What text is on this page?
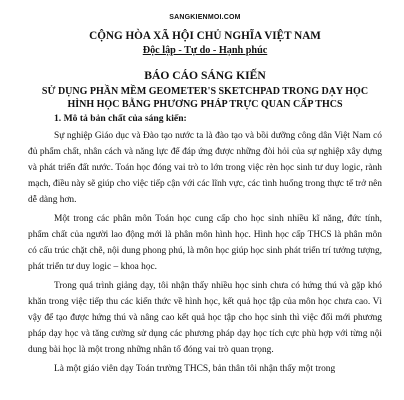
SANGKIENMOI.COM

CỘNG HÒA XÃ HỘI CHỦ NGHĨA VIỆT NAM

Độc lập - Tự do - Hạnh phúc

BÁO CÁO SÁNG KIẾN

SỬ DỤNG PHẦN MỀM GEOMETER'S SKETCHPAD TRONG DẠY HỌC

HÌNH HỌC BẰNG PHƯƠNG PHÁP TRỰC QUAN CẤP THCS

1. Mô tả bản chất của sáng kiến:

Sự nghiệp Giáo dục và Đào tạo nước ta là đào tạo và bồi dưỡng công dân Việt Nam có đủ phẩm chất, nhân cách và năng lực để đáp ứng được những đòi hỏi của sự nghiệp xây dựng và phát triển đất nước. Toán học đóng vai trò to lớn trong việc rèn học sinh tư duy logic, rành mạch, điều này sẽ giúp cho việc tiếp cận với các lĩnh vực, các tình huống trong thực tế trở nên dễ dàng hơn.

Một trong các phân môn Toán học cung cấp cho học sinh nhiều kĩ năng, đức tính, phẩm chất của người lao động mới là phân môn hình học. Hình học cấp THCS là phân môn có cấu trúc chặt chẽ, nội dung phong phú, là môn học giúp học sinh phát triển trí tưởng tượng, phát triển tư duy logic – khoa học.

Trong quá trình giảng dạy, tôi nhận thấy nhiều học sinh chưa có hứng thú và gặp khó khăn trong việc tiếp thu các kiến thức về hình học, kết quả học tập của môn học chưa cao. Vì vậy để tạo được hứng thú và nâng cao kết quả học tập cho học sinh thì việc đổi mới phương pháp dạy học và tăng cường sử dụng các phương pháp dạy học tích cực phù hợp với từng nội dung bài học là một trong những nhân tố đóng vai trò quan trọng.

Là một giáo viên dạy Toán trường THCS, bản thân tôi nhận thấy một trong
